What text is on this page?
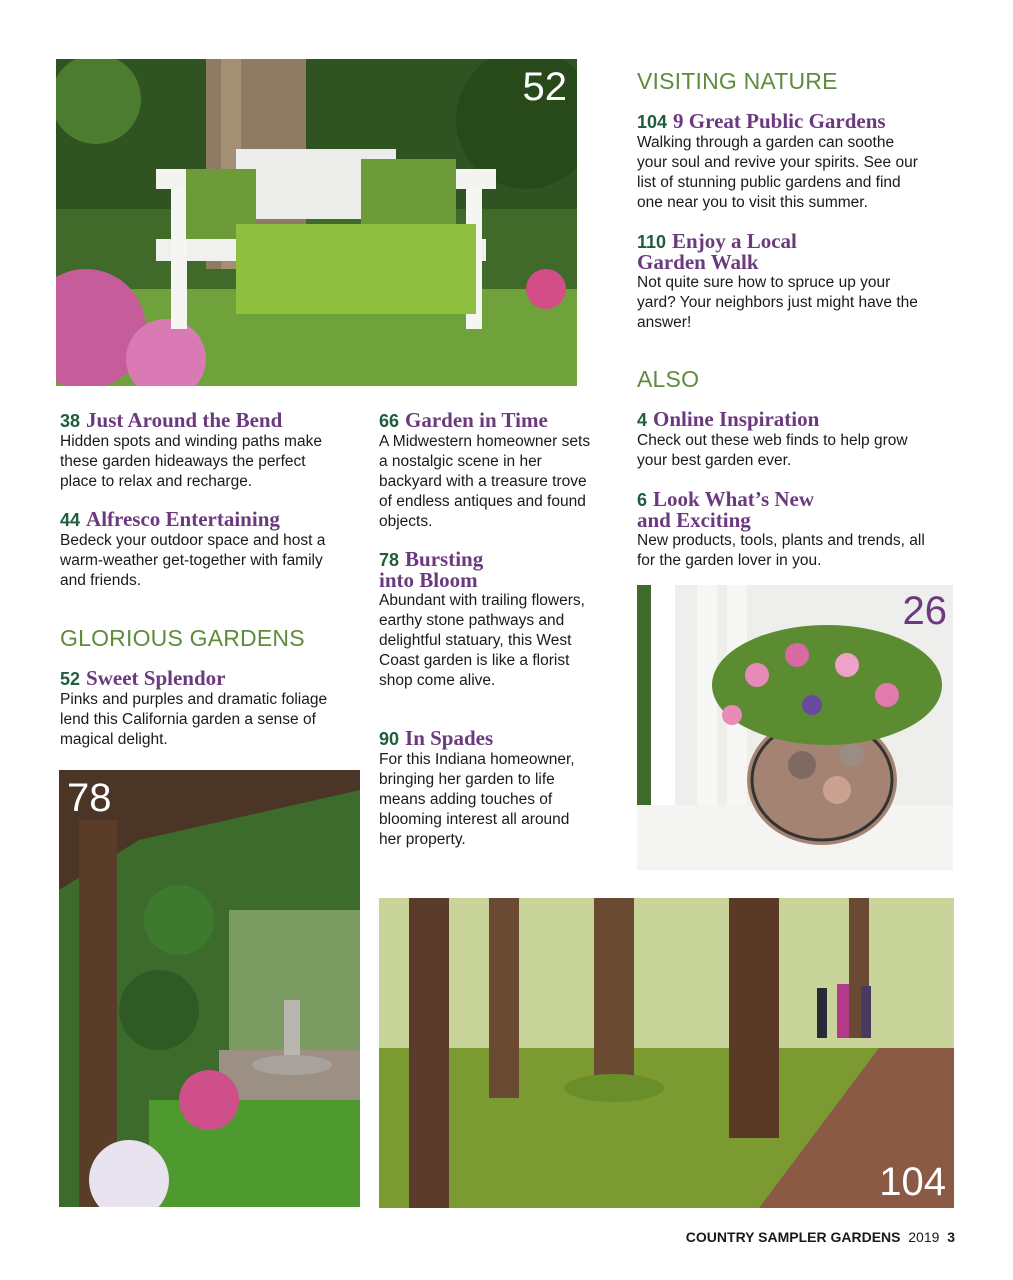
52
78
26
104

38 Just Around the Bend

Hidden spots and winding paths make these garden hideaways the perfect place to relax and recharge.

44 Alfresco Entertaining

Bedeck your outdoor space and host a warm-weather get-together with family and friends.

GLORIOUS GARDENS

52 Sweet Splendor

Pinks and purples and dramatic foliage lend this California garden a sense of magical delight.

66 Garden in Time

A Midwestern homeowner sets a nostalgic scene in her backyard with a treasure trove of endless antiques and found objects.

78 Bursting
into Bloom

Abundant with trailing flowers, earthy stone pathways and delightful statuary, this West Coast garden is like a florist shop come alive.

90 In Spades

For this Indiana homeowner, bringing her garden to life means adding touches of blooming interest all around her property.

VISITING NATURE

104 9 Great Public Gardens

Walking through a garden can soothe your soul and revive your spirits. See our list of stunning public gardens and find one near you to visit this summer.

110 Enjoy a Local
Garden Walk

Not quite sure how to spruce up your yard? Your neighbors just might have the answer!

ALSO

4 Online Inspiration

Check out these web finds to help grow your best garden ever.

6 Look What’s New
and Exciting

New products, tools, plants and trends, all for the garden lover in you.

COUNTRY SAMPLER GARDENS 2019 3
